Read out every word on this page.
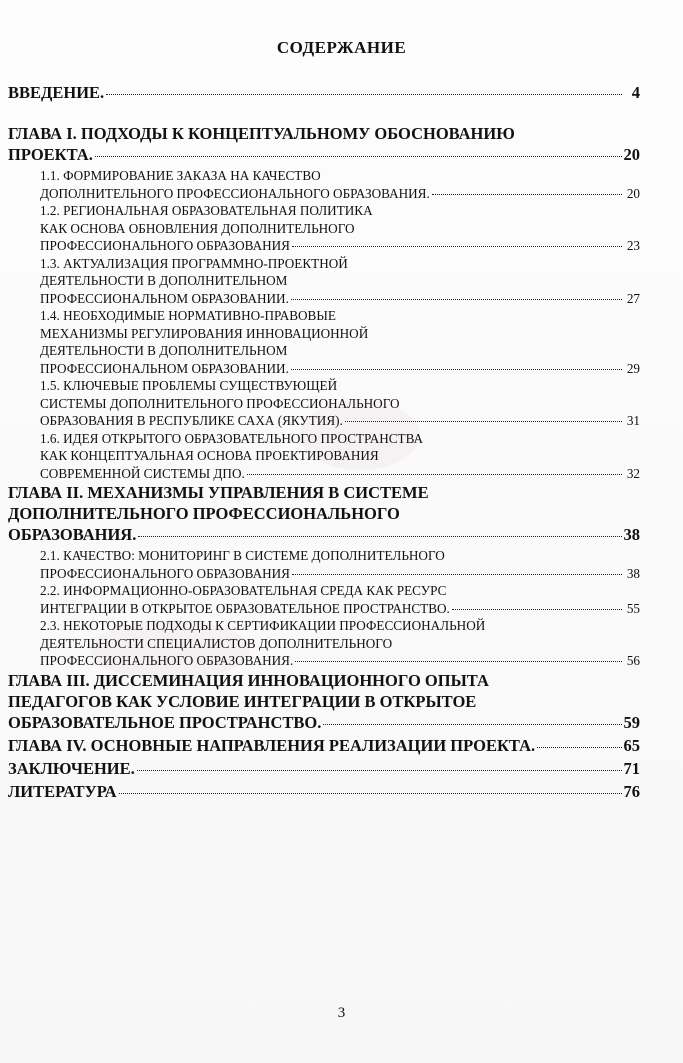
СОДЕРЖАНИЕ
ВВЕДЕНИЕ.	4
ГЛАВА I. ПОДХОДЫ К КОНЦЕПТУАЛЬНОМУ ОБОСНОВАНИЮ
ПРОЕКТА.	20
1.1. ФОРМИРОВАНИЕ ЗАКАЗА НА КАЧЕСТВО
ДОПОЛНИТЕЛЬНОГО ПРОФЕССИОНАЛЬНОГО ОБРАЗОВАНИЯ.	20
1.2. РЕГИОНАЛЬНАЯ ОБРАЗОВАТЕЛЬНАЯ ПОЛИТИКА
КАК ОСНОВА ОБНОВЛЕНИЯ ДОПОЛНИТЕЛЬНОГО
ПРОФЕССИОНАЛЬНОГО ОБРАЗОВАНИЯ	23
1.3. АКТУАЛИЗАЦИЯ ПРОГРАММНО-ПРОЕКТНОЙ
ДЕЯТЕЛЬНОСТИ В ДОПОЛНИТЕЛЬНОМ
ПРОФЕССИОНАЛЬНОМ ОБРАЗОВАНИИ.	27
1.4. НЕОБХОДИМЫЕ НОРМАТИВНО-ПРАВОВЫЕ
МЕХАНИЗМЫ РЕГУЛИРОВАНИЯ ИННОВАЦИОННОЙ
ДЕЯТЕЛЬНОСТИ В ДОПОЛНИТЕЛЬНОМ
ПРОФЕССИОНАЛЬНОМ ОБРАЗОВАНИИ.	29
1.5. КЛЮЧЕВЫЕ ПРОБЛЕМЫ СУЩЕСТВУЮЩЕЙ
СИСТЕМЫ ДОПОЛНИТЕЛЬНОГО ПРОФЕССИОНАЛЬНОГО
ОБРАЗОВАНИЯ В РЕСПУБЛИКЕ САХА (ЯКУТИЯ).	31
1.6. ИДЕЯ ОТКРЫТОГО ОБРАЗОВАТЕЛЬНОГО ПРОСТРАНСТВА
КАК КОНЦЕПТУАЛЬНАЯ ОСНОВА ПРОЕКТИРОВАНИЯ
СОВРЕМЕННОЙ СИСТЕМЫ ДПО.	32
ГЛАВА II. МЕХАНИЗМЫ УПРАВЛЕНИЯ В СИСТЕМЕ
ДОПОЛНИТЕЛЬНОГО ПРОФЕССИОНАЛЬНОГО
ОБРАЗОВАНИЯ.	38
2.1. КАЧЕСТВО: МОНИТОРИНГ В СИСТЕМЕ ДОПОЛНИТЕЛЬНОГО
ПРОФЕССИОНАЛЬНОГО ОБРАЗОВАНИЯ	38
2.2. ИНФОРМАЦИОННО-ОБРАЗОВАТЕЛЬНАЯ СРЕДА КАК РЕСУРС
ИНТЕГРАЦИИ В ОТКРЫТОЕ ОБРАЗОВАТЕЛЬНОЕ ПРОСТРАНСТВО.	55
2.3. НЕКОТОРЫЕ ПОДХОДЫ К СЕРТИФИКАЦИИ ПРОФЕССИОНАЛЬНОЙ
ДЕЯТЕЛЬНОСТИ СПЕЦИАЛИСТОВ ДОПОЛНИТЕЛЬНОГО
ПРОФЕССИОНАЛЬНОГО ОБРАЗОВАНИЯ.	56
ГЛАВА III. ДИССЕМИНАЦИЯ ИННОВАЦИОННОГО ОПЫТА
ПЕДАГОГОВ КАК УСЛОВИЕ ИНТЕГРАЦИИ В ОТКРЫТОЕ
ОБРАЗОВАТЕЛЬНОЕ ПРОСТРАНСТВО.	59
ГЛАВА IV. ОСНОВНЫЕ НАПРАВЛЕНИЯ РЕАЛИЗАЦИИ ПРОЕКТА.	65
ЗАКЛЮЧЕНИЕ.	71
ЛИТЕРАТУРА	76
3
